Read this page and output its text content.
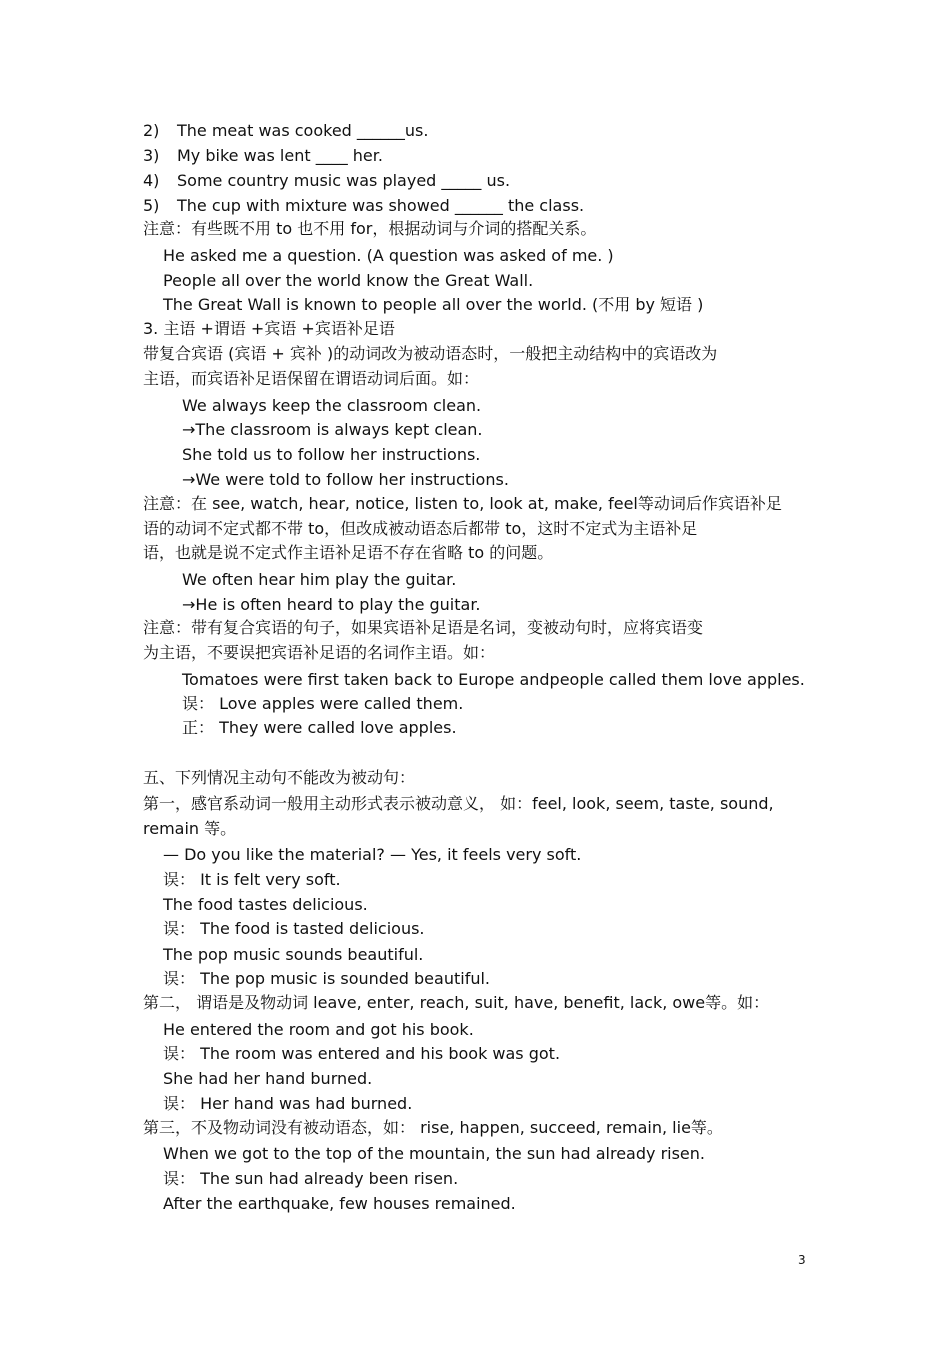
2) The meat was cooked ______us.
3) My bike was lent ____ her.
4) Some country music was played _____ us.
5) The cup with mixture was showed ______ the class.
注意：有些既不用 to 也不用 for，根据动词与介词的搭配关系。
He asked me a question. (A question was asked of me. )
People all over the world know the Great Wall.
The Great Wall is known to people all over the world. (不用 by 短语 )
3. 主语 +谓语 +宾语 +宾语补足语
带复合宾语 (宾语 + 宾补 )的动词改为被动语态时，一般把主动结构中的宾语改为
主语，而宾语补足语保留在谓语动词后面。如：
We always keep the classroom clean.
→The classroom is always kept clean.
She told us to follow her instructions.
→We were told to follow her instructions.
注意：在 see, watch, hear, notice, listen to, look at, make, feel等动词后作宾语补足
语的动词不定式都不带 to，但改成被动语态后都带 to，这时不定式为主语补足
语，也就是说不定式作主语补足语不存在省略 to 的问题。
We often hear him play the guitar.
→He is often heard to play the guitar.
注意：带有复合宾语的句子，如果宾语补足语是名词，变被动句时，应将宾语变
为主语，不要误把宾语补足语的名词作主语。如：
Tomatoes were first taken back to Europe andpeople called them love apples.
误： Love apples were called them.
正： They were called love apples.
五、下列情况主动句不能改为被动句：
第一，感官系动词一般用主动形式表示被动意义， 如：feel, look, seem, taste, sound,
remain 等。
— Do you like the material? — Yes, it feels very soft.
误： It is felt very soft.
The food tastes delicious.
误： The food is tasted delicious.
The pop music sounds beautiful.
误： The pop music is sounded beautiful.
第二， 谓语是及物动词 leave, enter, reach, suit, have, benefit, lack, owe等。如：
He entered the room and got his book.
误： The room was entered and his book was got.
She had her hand burned.
误： Her hand was had burned.
第三，不及物动词没有被动语态，如： rise, happen, succeed, remain, lie等。
When we got to the top of the mountain, the sun had already risen.
误： The sun had already been risen.
After the earthquake, few houses remained.
3
